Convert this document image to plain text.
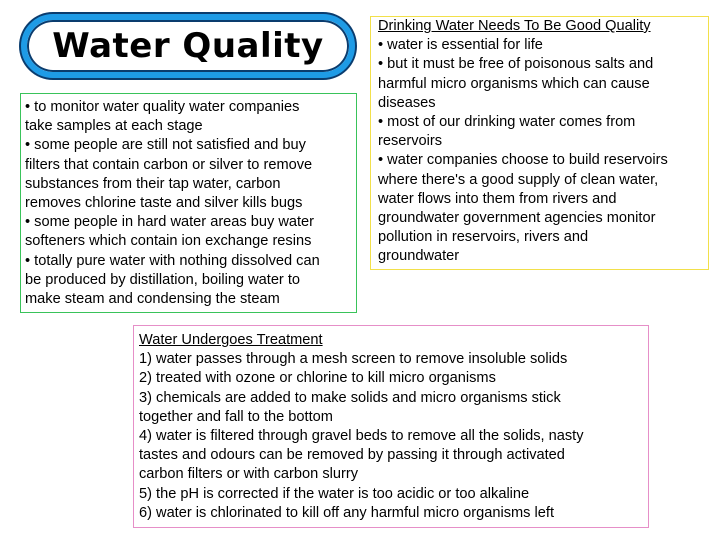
Water Quality
• to monitor water quality water companies
take samples at each stage
• some people are still not satisfied and buy
filters that contain carbon or silver to remove
substances from their tap water, carbon
removes chlorine taste and silver kills bugs
• some people in hard water areas buy water
softeners which contain ion exchange resins
• totally pure water with nothing dissolved can
be produced by distillation, boiling water to
make steam and condensing the steam
Drinking Water Needs To Be Good Quality
• water is essential for life
• but it must be free of poisonous salts and
harmful micro organisms which can cause
diseases
• most of our drinking water comes from
reservoirs
• water companies choose to build reservoirs
where there's a good supply of clean water,
water flows into them from rivers and
groundwater government agencies monitor
pollution in reservoirs, rivers and
groundwater
Water Undergoes Treatment
1) water passes through a mesh screen to remove insoluble solids
2) treated with ozone or chlorine to kill micro organisms
3) chemicals are added to make solids and micro organisms stick
together and fall to the bottom
4) water is filtered through gravel beds to remove all the solids, nasty
tastes and odours can be removed by passing it through activated
carbon filters or with carbon slurry
5) the pH is corrected if the water is too acidic or too alkaline
6) water is chlorinated to kill off any harmful micro organisms left
